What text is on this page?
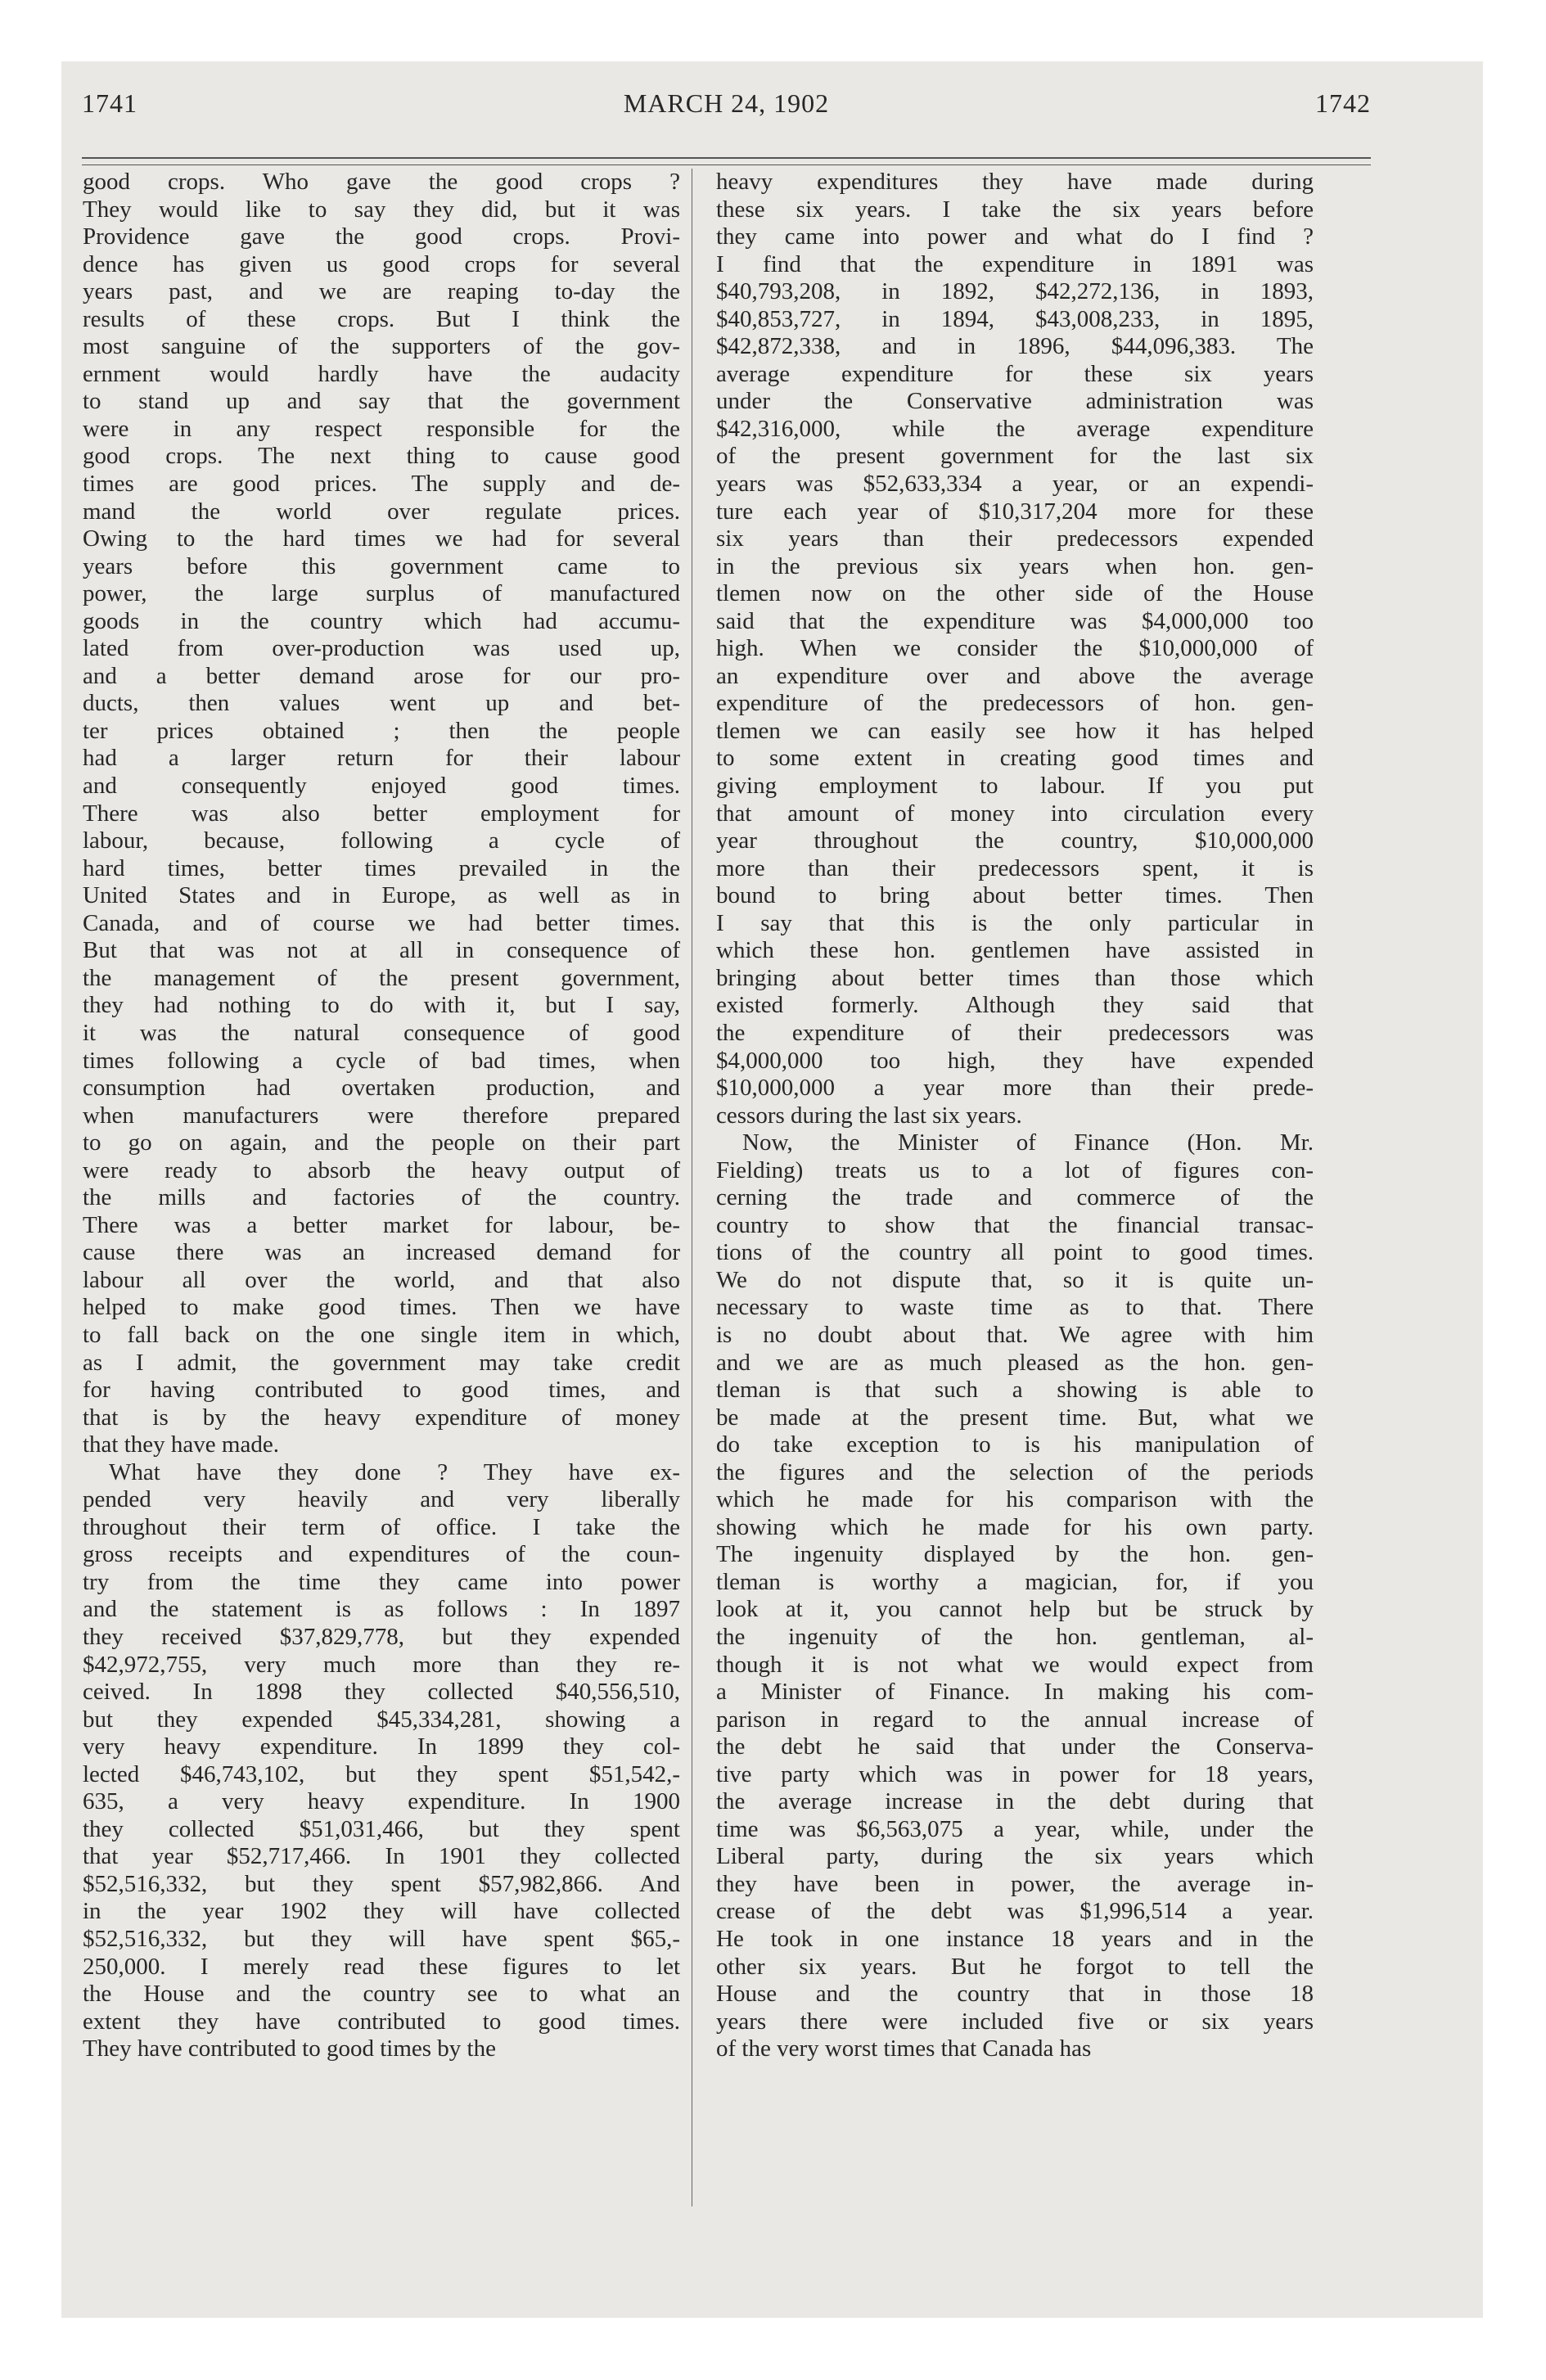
1741	MARCH 24, 1902	1742
good crops. Who gave the good crops ?
They would like to say they did, but it was
Providence gave the good crops. Provi-
dence has given us good crops for several
years past, and we are reaping to-day the
results of these crops. But I think the
most sanguine of the supporters of the gov-
ernment would hardly have the audacity
to stand up and say that the government
were in any respect responsible for the
good crops. The next thing to cause good
times are good prices. The supply and de-
mand the world over regulate prices.
Owing to the hard times we had for several
years before this government came to
power, the large surplus of manufactured
goods in the country which had accumu-
lated from over-production was used up,
and a better demand arose for our pro-
ducts, then values went up and bet-
ter prices obtained ; then the people
had a larger return for their labour
and consequently enjoyed good times.
There was also better employment for
labour, because, following a cycle of
hard times, better times prevailed in the
United States and in Europe, as well as in
Canada, and of course we had better times.
But that was not at all in consequence of
the management of the present government,
they had nothing to do with it, but I say,
it was the natural consequence of good
times following a cycle of bad times, when
consumption had overtaken production, and
when manufacturers were therefore prepared
to go on again, and the people on their part
were ready to absorb the heavy output of
the mills and factories of the country.
There was a better market for labour, be-
cause there was an increased demand for
labour all over the world, and that also
helped to make good times. Then we have
to fall back on the one single item in which,
as I admit, the government may take credit
for having contributed to good times, and
that is by the heavy expenditure of money
that they have made.
What have they done ? They have ex-
pended very heavily and very liberally
throughout their term of office. I take the
gross receipts and expenditures of the coun-
try from the time they came into power
and the statement is as follows : In 1897
they received $37,829,778, but they expended
$42,972,755, very much more than they re-
ceived. In 1898 they collected $40,556,510,
but they expended $45,334,281, showing a
very heavy expenditure. In 1899 they col-
lected $46,743,102, but they spent $51,542,-
635, a very heavy expenditure. In 1900
they collected $51,031,466, but they spent
that year $52,717,466. In 1901 they collected
$52,516,332, but they spent $57,982,866. And
in the year 1902 they will have collected
$52,516,332, but they will have spent $65,-
250,000. I merely read these figures to let
the House and the country see to what an
extent they have contributed to good times.
They have contributed to good times by the
heavy expenditures they have made during
these six years. I take the six years before
they came into power and what do I find ?
I find that the expenditure in 1891 was
$40,793,208, in 1892, $42,272,136, in 1893,
$40,853,727, in 1894, $43,008,233, in 1895,
$42,872,338, and in 1896, $44,096,383. The
average expenditure for these six years
under the Conservative administration was
$42,316,000, while the average expenditure
of the present government for the last six
years was $52,633,334 a year, or an expendi-
ture each year of $10,317,204 more for these
six years than their predecessors expended
in the previous six years when hon. gen-
tlemen now on the other side of the House
said that the expenditure was $4,000,000 too
high. When we consider the $10,000,000 of
an expenditure over and above the average
expenditure of the predecessors of hon. gen-
tlemen we can easily see how it has helped
to some extent in creating good times and
giving employment to labour. If you put
that amount of money into circulation every
year throughout the country, $10,000,000
more than their predecessors spent, it is
bound to bring about better times. Then
I say that this is the only particular in
which these hon. gentlemen have assisted in
bringing about better times than those which
existed formerly. Although they said that
the expenditure of their predecessors was
$4,000,000 too high, they have expended
$10,000,000 a year more than their prede-
cessors during the last six years.
Now, the Minister of Finance (Hon. Mr.
Fielding) treats us to a lot of figures con-
cerning the trade and commerce of the
country to show that the financial transac-
tions of the country all point to good times.
We do not dispute that, so it is quite un-
necessary to waste time as to that. There
is no doubt about that. We agree with him
and we are as much pleased as the hon. gen-
tleman is that such a showing is able to
be made at the present time. But, what we
do take exception to is his manipulation of
the figures and the selection of the periods
which he made for his comparison with the
showing which he made for his own party.
The ingenuity displayed by the hon. gen-
tleman is worthy a magician, for, if you
look at it, you cannot help but be struck by
the ingenuity of the hon. gentleman, al-
though it is not what we would expect from
a Minister of Finance. In making his com-
parison in regard to the annual increase of
the debt he said that under the Conserva-
tive party which was in power for 18 years,
the average increase in the debt during that
time was $6,563,075 a year, while, under the
Liberal party, during the six years which
they have been in power, the average in-
crease of the debt was $1,996,514 a year.
He took in one instance 18 years and in the
other six years. But he forgot to tell the
House and the country that in those 18
years there were included five or six years
of the very worst times that Canada has
